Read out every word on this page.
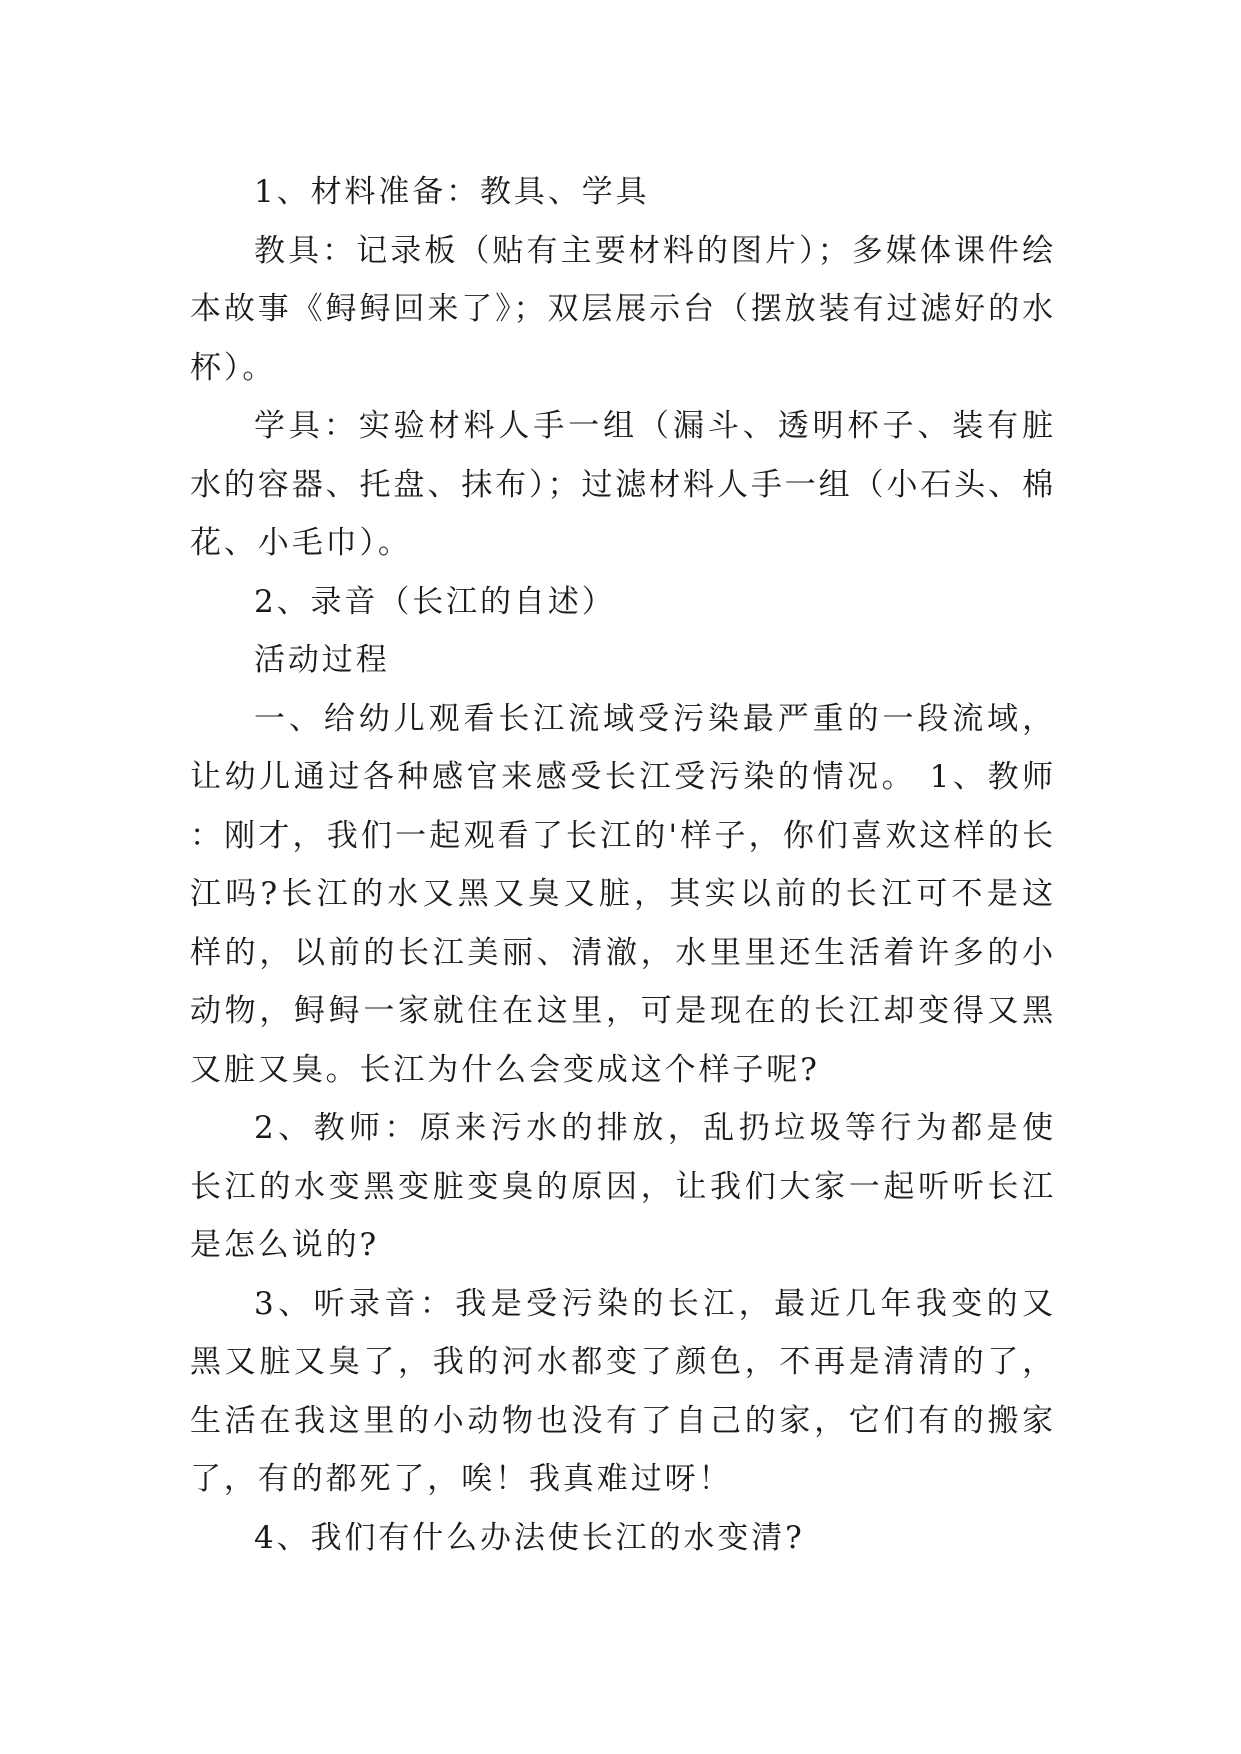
1、材料准备：教具、学具

教具：记录板（贴有主要材料的图片）；多媒体课件绘本故事《鲟鲟回来了》；双层展示台（摆放装有过滤好的水杯）。

学具：实验材料人手一组（漏斗、透明杯子、装有脏水的容器、托盘、抹布）；过滤材料人手一组（小石头、棉花、小毛巾）。

2、录音（长江的自述）

活动过程

一、给幼儿观看长江流域受污染最严重的一段流域，让幼儿通过各种感官来感受长江受污染的情况。 1、教师：刚才，我们一起观看了长江的'样子，你们喜欢这样的长江吗?长江的水又黑又臭又脏，其实以前的长江可不是这样的，以前的长江美丽、清澈，水里里还生活着许多的小动物，鲟鲟一家就住在这里，可是现在的长江却变得又黑又脏又臭。长江为什么会变成这个样子呢?

2、教师：原来污水的排放，乱扔垃圾等行为都是使长江的水变黑变脏变臭的原因，让我们大家一起听听长江是怎么说的?

3、听录音：我是受污染的长江，最近几年我变的又黑又脏又臭了，我的河水都变了颜色，不再是清清的了，生活在我这里的小动物也没有了自己的家，它们有的搬家了，有的都死了，唉！我真难过呀！

4、我们有什么办法使长江的水变清?
